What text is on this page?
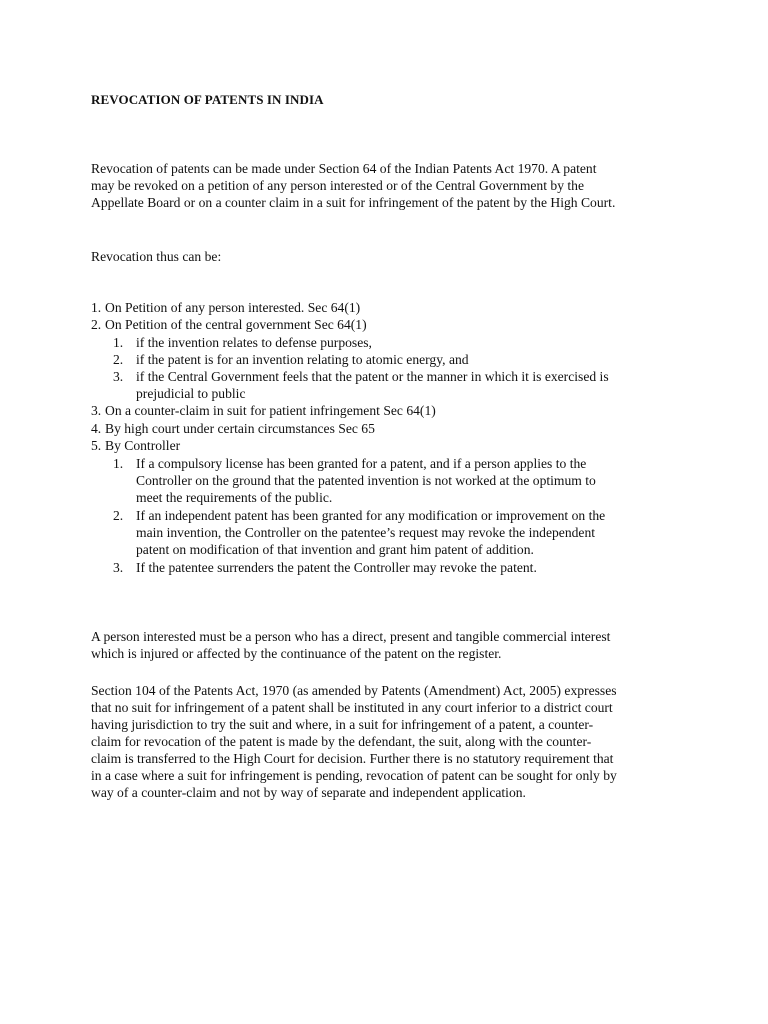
REVOCATION OF PATENTS IN INDIA
Revocation of patents can be made under Section 64 of the Indian Patents Act 1970. A patent
may be revoked on a petition of any person interested or of the Central Government by the
Appellate Board or on a counter claim in a suit for infringement of the patent by the High Court.
Revocation thus can be:
1. On Petition of any person interested. Sec 64(1)
2. On Petition of the central government Sec 64(1)
1. if the invention relates to defense purposes,
2. if the patent is for an invention relating to atomic energy, and
3. if the Central Government feels that the patent or the manner in which it is exercised is
prejudicial to public
3. On a counter-claim in suit for patient infringement Sec 64(1)
4. By high court under certain circumstances Sec 65
5. By Controller
1. If a compulsory license has been granted for a patent, and if a person applies to the
Controller on the ground that the patented invention is not worked at the optimum to
meet the requirements of the public.
2. If an independent patent has been granted for any modification or improvement on the
main invention, the Controller on the patentee’s request may revoke the independent
patent on modification of that invention and grant him patent of addition.
3. If the patentee surrenders the patent the Controller may revoke the patent.
A person interested must be a person who has a direct, present and tangible commercial interest
which is injured or affected by the continuance of the patent on the register.
Section 104 of the Patents Act, 1970 (as amended by Patents (Amendment) Act, 2005) expresses
that no suit for infringement of a patent shall be instituted in any court inferior to a district court
having jurisdiction to try the suit and where, in a suit for infringement of a patent, a counter-
claim for revocation of the patent is made by the defendant, the suit, along with the counter-
claim is transferred to the High Court for decision. Further there is no statutory requirement that
in a case where a suit for infringement is pending, revocation of patent can be sought for only by
way of a counter-claim and not by way of separate and independent application.
